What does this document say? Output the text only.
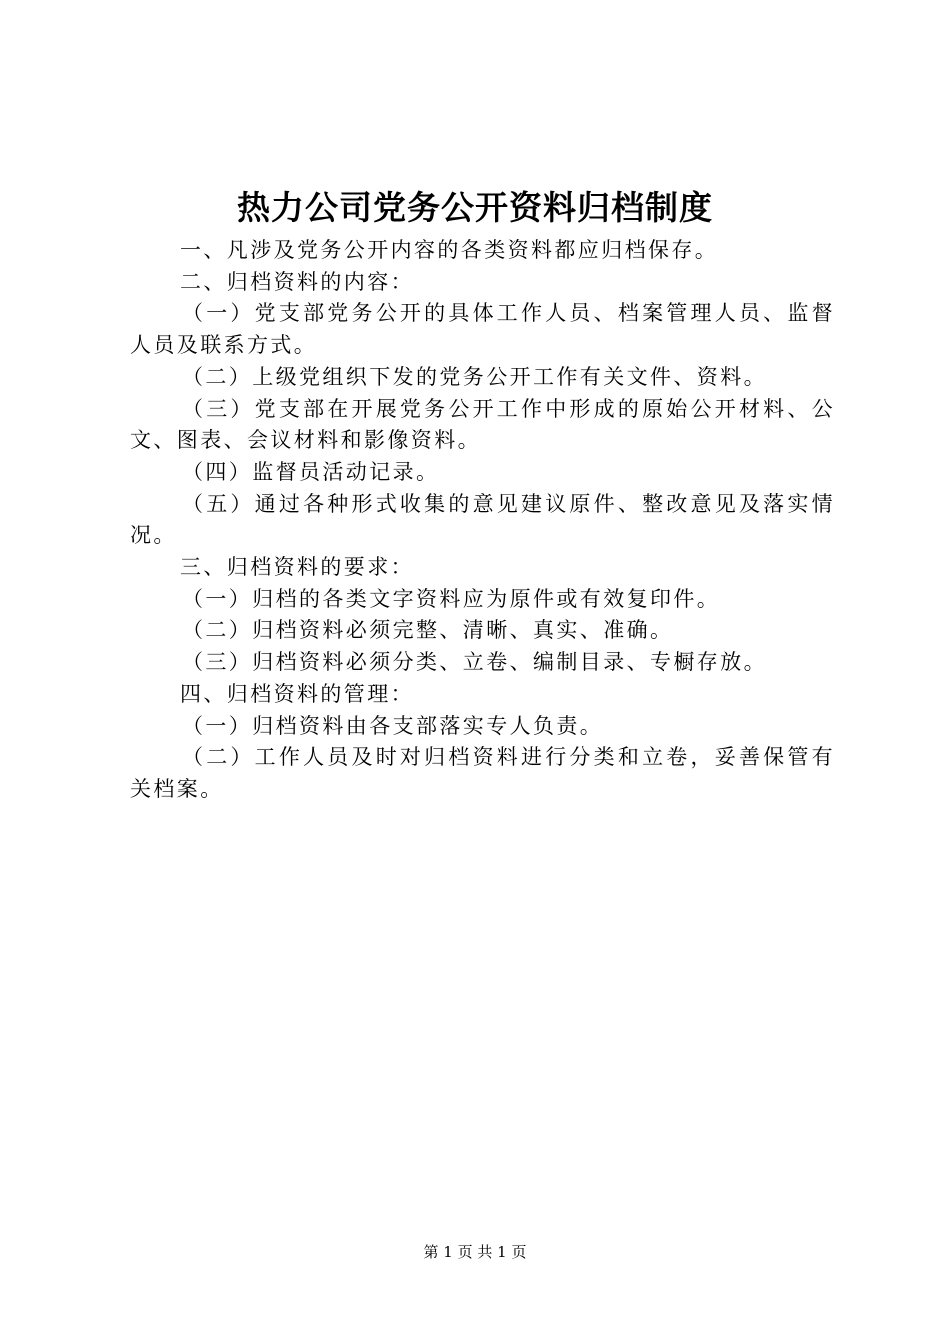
热力公司党务公开资料归档制度

一、凡涉及党务公开内容的各类资料都应归档保存。

二、归档资料的内容：

（一）党支部党务公开的具体工作人员、档案管理人员、监督人员及联系方式。

（二）上级党组织下发的党务公开工作有关文件、资料。

（三）党支部在开展党务公开工作中形成的原始公开材料、公文、图表、会议材料和影像资料。

（四）监督员活动记录。

（五）通过各种形式收集的意见建议原件、整改意见及落实情况。

三、归档资料的要求：

（一）归档的各类文字资料应为原件或有效复印件。

（二）归档资料必须完整、清晰、真实、准确。

（三）归档资料必须分类、立卷、编制目录、专橱存放。

四、归档资料的管理：

（一）归档资料由各支部落实专人负责。

（二）工作人员及时对归档资料进行分类和立卷，妥善保管有关档案。

第 1 页 共 1 页
